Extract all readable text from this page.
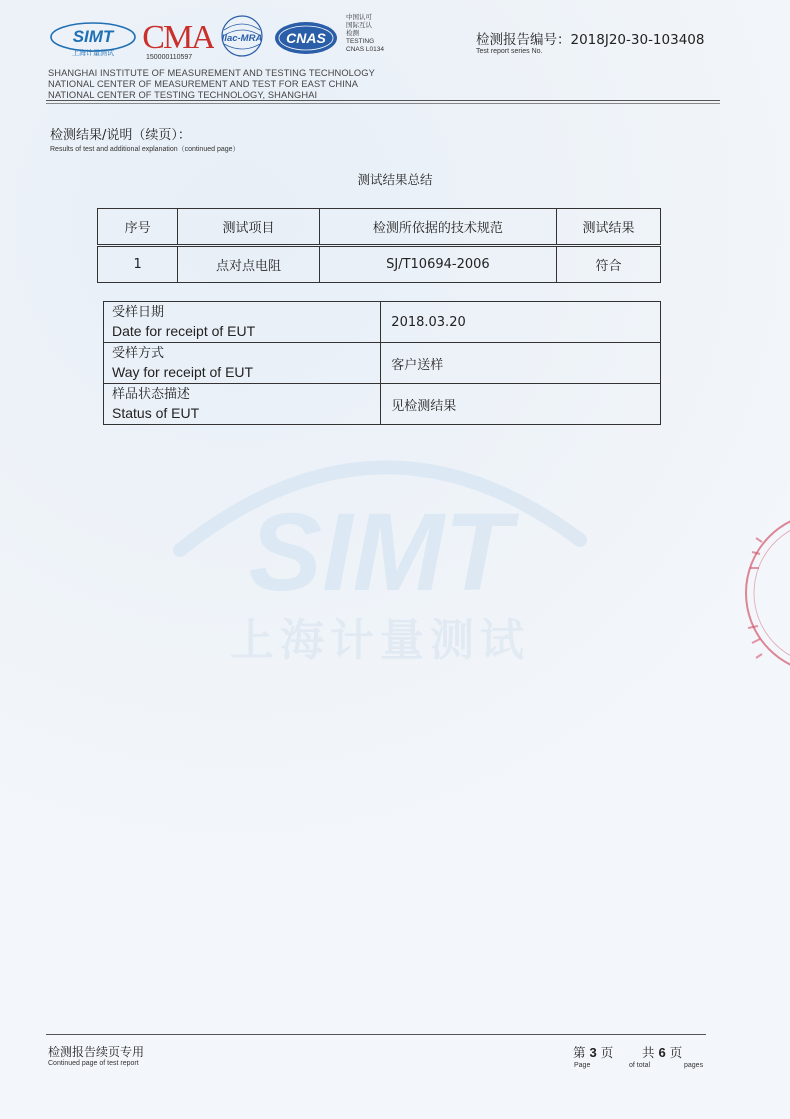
SIMT
上海计量测试 CMA
150000110597
ilac-MRA CNAS
中国认可
国际互认
检测
TESTING
CNAS L0134
SHANGHAI INSTITUTE OF MEASUREMENT AND TESTING TECHNOLOGY
NATIONAL CENTER OF MEASUREMENT AND TEST FOR EAST CHINA
NATIONAL CENTER OF TESTING TECHNOLOGY, SHANGHAI
检测报告编号：2018J20-30-103408
Test report series No.
检测结果/说明（续页）：
Results of test and additional explanation（continued page）
SIMT
上海计量测试
测试结果总结
序号	测试项目	检测所依据的技术规范	测试结果
1	点对点电阻	SJ/T10694-2006	符合
受样日期
Date for receipt of EUT	2018.03.20

受样方式
Way for receipt of EUT	客户送样

样品状态描述
Status of EUT	见检测结果
检测报告续页专用
Continued page of test report
第 3 页 共 6 页
Page	of total	pages
